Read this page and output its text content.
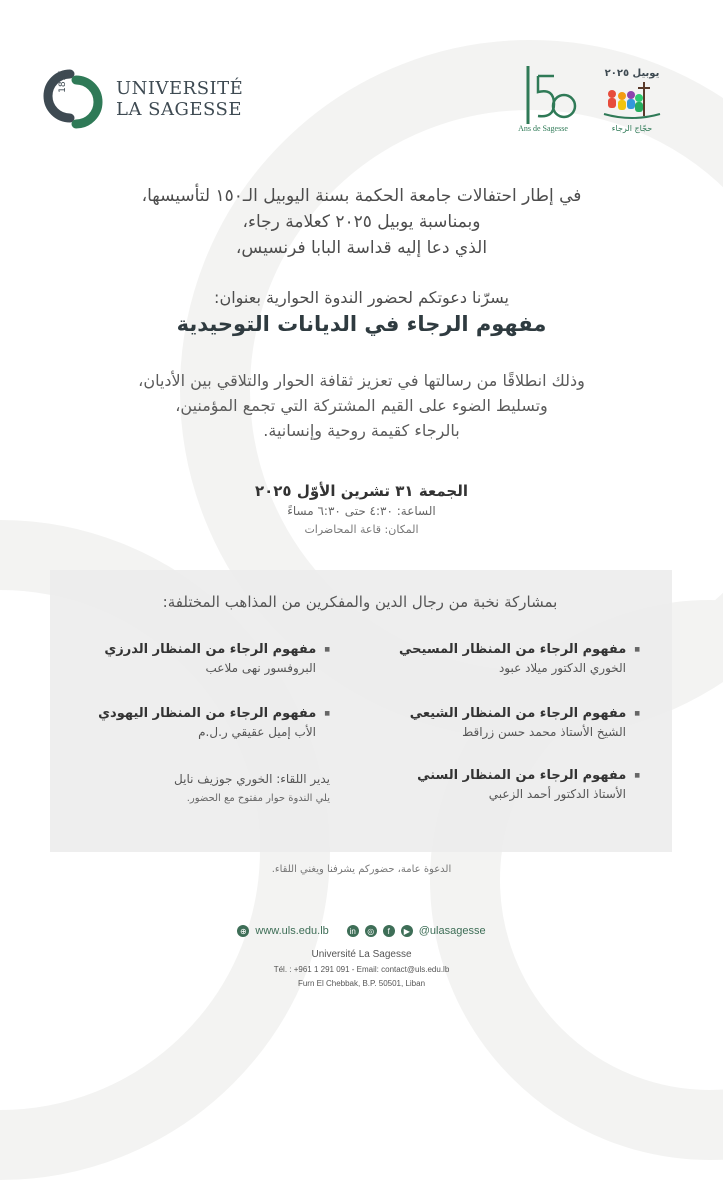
1875	UNIVERSITÉ
LA SAGESSE
Ans de Sagesse
يوبيل ٢٠٢٥
حجّاج الرجاء
في إطار احتفالات جامعة الحكمة بسنة اليوبيل الـ١٥٠ لتأسيسها،
وبمناسبة يوبيل ٢٠٢٥ كعلامة رجاء،
الذي دعا إليه قداسة البابا فرنسيس،
يسرّنا دعوتكم لحضور الندوة الحوارية بعنوان:
مفهوم الرجاء في الديانات التوحيدية
وذلك انطلاقًا من رسالتها في تعزيز ثقافة الحوار والتلاقي بين الأديان،
وتسليط الضوء على القيم المشتركة التي تجمع المؤمنين،
بالرجاء كقيمة روحية وإنسانية.
الجمعة ٣١ تشرين الأوّل ٢٠٢٥
الساعة: ٤:٣٠ حتى ٦:٣٠ مساءً
المكان: قاعة المحاضرات
بمشاركة نخبة من رجال الدين والمفكرين من المذاهب المختلفة:
■ مفهوم الرجاء من المنظار المسيحي
الخوري الدكتور ميلاد عبود
■ مفهوم الرجاء من المنظار الدرزي
البروفسور نهى ملاعب
■ مفهوم الرجاء من المنظار الشيعي
الشيخ الأستاذ محمد حسن زراقط
■ مفهوم الرجاء من المنظار اليهودي
الأب إميل عقيقي ر.ل.م
■ مفهوم الرجاء من المنظار السني
الأستاذ الدكتور أحمد الزعبي
يدير اللقاء: الخوري جوزيف نايل
يلي الندوة حوار مفتوح مع الحضور.
الدعوة عامة، حضوركم يشرفنا ويغني اللقاء.
⊕ www.uls.edu.lb	in	◎	f	▶ @ulasagesse
Université La Sagesse
Tél. : +961 1 291 091 - Email: contact@uls.edu.lb
Furn El Chebbak, B.P. 50501, Liban
